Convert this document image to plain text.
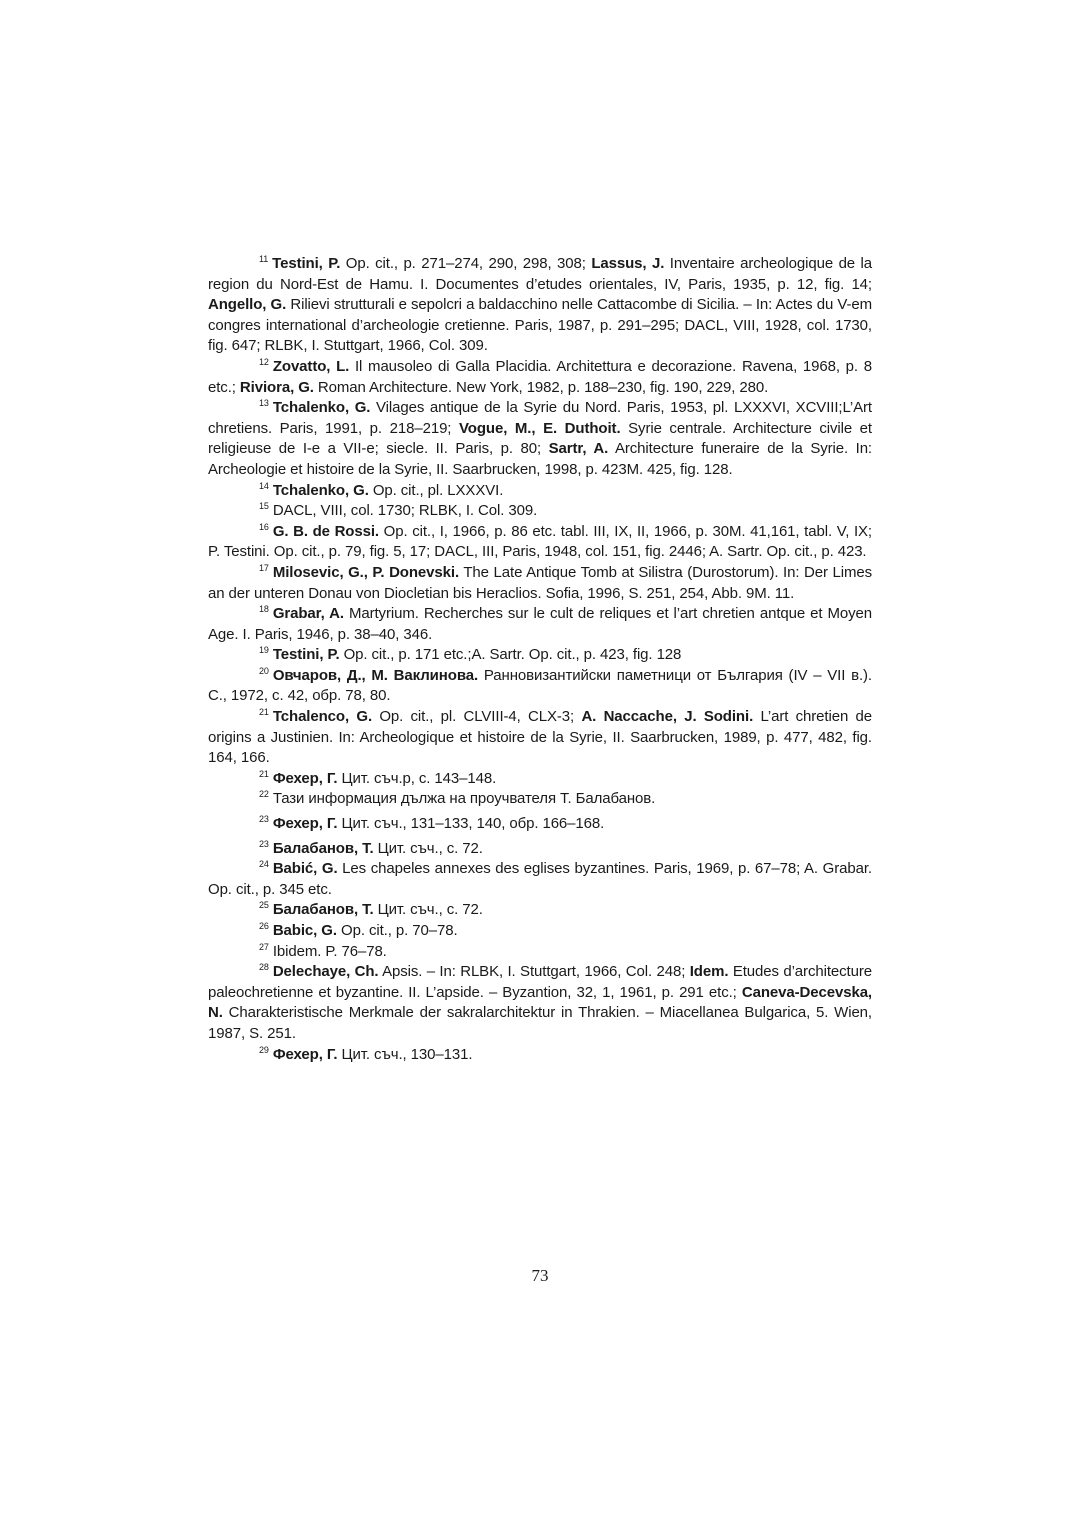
$^{11}$ Testini, P. Op. cit., p. 271–274, 290, 298, 308; Lassus, J. Inventaire archeologique de la region du Nord-Est de Hamu. I. Documentes d’etudes orientales, IV, Paris, 1935, p. 12, fig. 14; Angello, G. Rilievi strutturali e sepolcri a baldacchino nelle Cattacombe di Sicilia. – In: Actes du V-em congres international d’archeologie cretienne. Paris, 1987, p. 291–295; DACL, VIII, 1928, col. 1730, fig. 647; RLBK, I. Stuttgart, 1966, Col. 309.

$^{12}$ Zovatto, L. Il mausoleo di Galla Placidia. Architettura e decorazione. Ravena, 1968, p. 8 etc.; Riviora, G. Roman Architecture. New York, 1982, p. 188–230, fig. 190, 229, 280.

$^{13}$ Tchalenko, G. Vilages antique de la Syrie du Nord. Paris, 1953, pl. LXXXVI, XCVIII;L’Art chretiens. Paris, 1991, p. 218–219; Vogue, M., E. Duthoit. Syrie centrale. Architecture civile et religieuse de I-e a VII-e; siecle. II. Paris, p. 80; Sartr, A. Architecture funeraire de la Syrie. In: Archeologie et histoire de la Syrie, II. Saarbrucken, 1998, p. 423M. 425, fig. 128.

$^{14}$ Tchalenko, G. Op. cit., pl. LXXXVI.

$^{15}$ DACL, VIII, col. 1730; RLBK, I. Col. 309.

$^{16}$ G. B. de Rossi. Op. cit., I, 1966, p. 86 etc. tabl. III, IX, II, 1966, p. 30M. 41,161, tabl. V, IX; P. Testini. Op. cit., p. 79, fig. 5, 17; DACL, III, Paris, 1948, col. 151, fig. 2446; A. Sartr. Op. cit., p. 423.

$^{17}$ Milosevic, G., P. Donevski. The Late Antique Tomb at Silistra (Durostorum). In: Der Limes an der unteren Donau von Diocletian bis Heraclios. Sofia, 1996, S. 251, 254, Abb. 9M. 11.

$^{18}$ Grabar, A. Martyrium. Recherches sur le cult de reliques et l’art chretien antque et Moyen Age. I. Paris, 1946, p. 38–40, 346.

$^{19}$ Testini, P. Op. cit., p. 171 etc.;A. Sartr. Op. cit., p. 423, fig. 128

$^{20}$ Овчаров, Д., М. Ваклинова. Ранновизантийски паметници от България (IV – VII в.). С., 1972, с. 42, обр. 78, 80.

$^{21}$ Tchalenco, G. Op. cit., pl. CLVIII-4, CLX-3; A. Naccache, J. Sodini. L’art chretien de origins a Justinien. In: Archeologique et histoire de la Syrie, II. Saarbrucken, 1989, p. 477, 482, fig. 164, 166.

$^{21}$ Фехер, Г. Цит. съч.р, с. 143–148.

$^{22}$ Тази информация дължа на проучвателя Т. Балабанов.

$^{23}$ Фехер, Г. Цит. съч., 131–133, 140, обр. 166–168.

$^{23}$ Балабанов, Т. Цит. съч., с. 72.

$^{24}$ Babić, G. Les chapeles annexes des eglises byzantines. Paris, 1969, p. 67–78; A. Grabar. Op. cit., p. 345 etc.

$^{25}$ Балабанов, Т. Цит. съч., с. 72.

$^{26}$ Babic, G. Op. cit., p. 70–78.

$^{27}$ Ibidem. P. 76–78.

$^{28}$ Delechaye, Ch. Apsis. – In: RLBK, I. Stuttgart, 1966, Col. 248; Idem. Etudes d’architecture paleochretienne et byzantine. II. L’apside. – Byzantion, 32, 1, 1961, p. 291 etc.; Caneva-Decevska, N. Charakteristische Merkmale der sakralarchitektur in Thrakien. – Miacellanea Bulgarica, 5. Wien, 1987, S. 251.

$^{29}$ Фехер, Г. Цит. съч., 130–131.

73
